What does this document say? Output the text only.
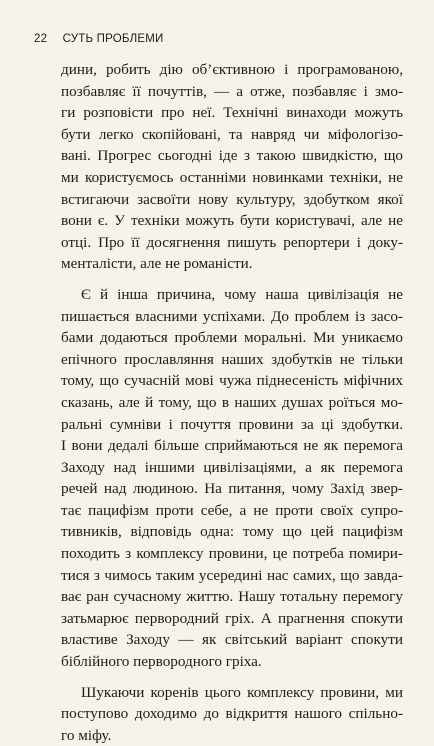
22 СУТЬ ПРОБЛЕМИ
дини, робить дію об’єктивною і програмованою,
позбавляє її почуттів, — а отже, позбавляє і змо-
ги розповісти про неї. Технічні винаходи можуть
бути легко скопійовані, та навряд чи міфологізо-
вані. Прогрес сьогодні іде з такою швидкістю, що
ми користуємось останніми новинками техніки, не
встигаючи засвоїти нову культуру, здобутком якої
вони є. У техніки можуть бути користувачі, але не
отці. Про її досягнення пишуть репортери і доку-
менталісти, але не романісти.
Є й інша причина, чому наша цивілізація не
пишається власними успіхами. До проблем із засо-
бами додаються проблеми моральні. Ми уникаємо
епічного прославляння наших здобутків не тільки
тому, що сучасній мові чужа піднесеність міфічних
сказань, але й тому, що в наших душах роїться мо-
ральні сумніви і почуття провини за ці здобутки.
І вони дедалі більше сприймаються не як перемога
Заходу над іншими цивілізаціями, а як перемога
речей над людиною. На питання, чому Захід звер-
тає пацифізм проти себе, а не проти своїх супро-
тивників, відповідь одна: тому що цей пацифізм
походить з комплексу провини, це потреба помири-
тися з чимось таким усередині нас самих, що завда-
ває ран сучасному життю. Нашу тотальну перемогу
затьмарює первородний гріх. А прагнення спокути
властиве Заходу — як світський варіант спокути
біблійного первородного гріха.
Шукаючи коренів цього комплексу провини, ми
поступово доходимо до відкриття нашого спільно-
го міфу.
